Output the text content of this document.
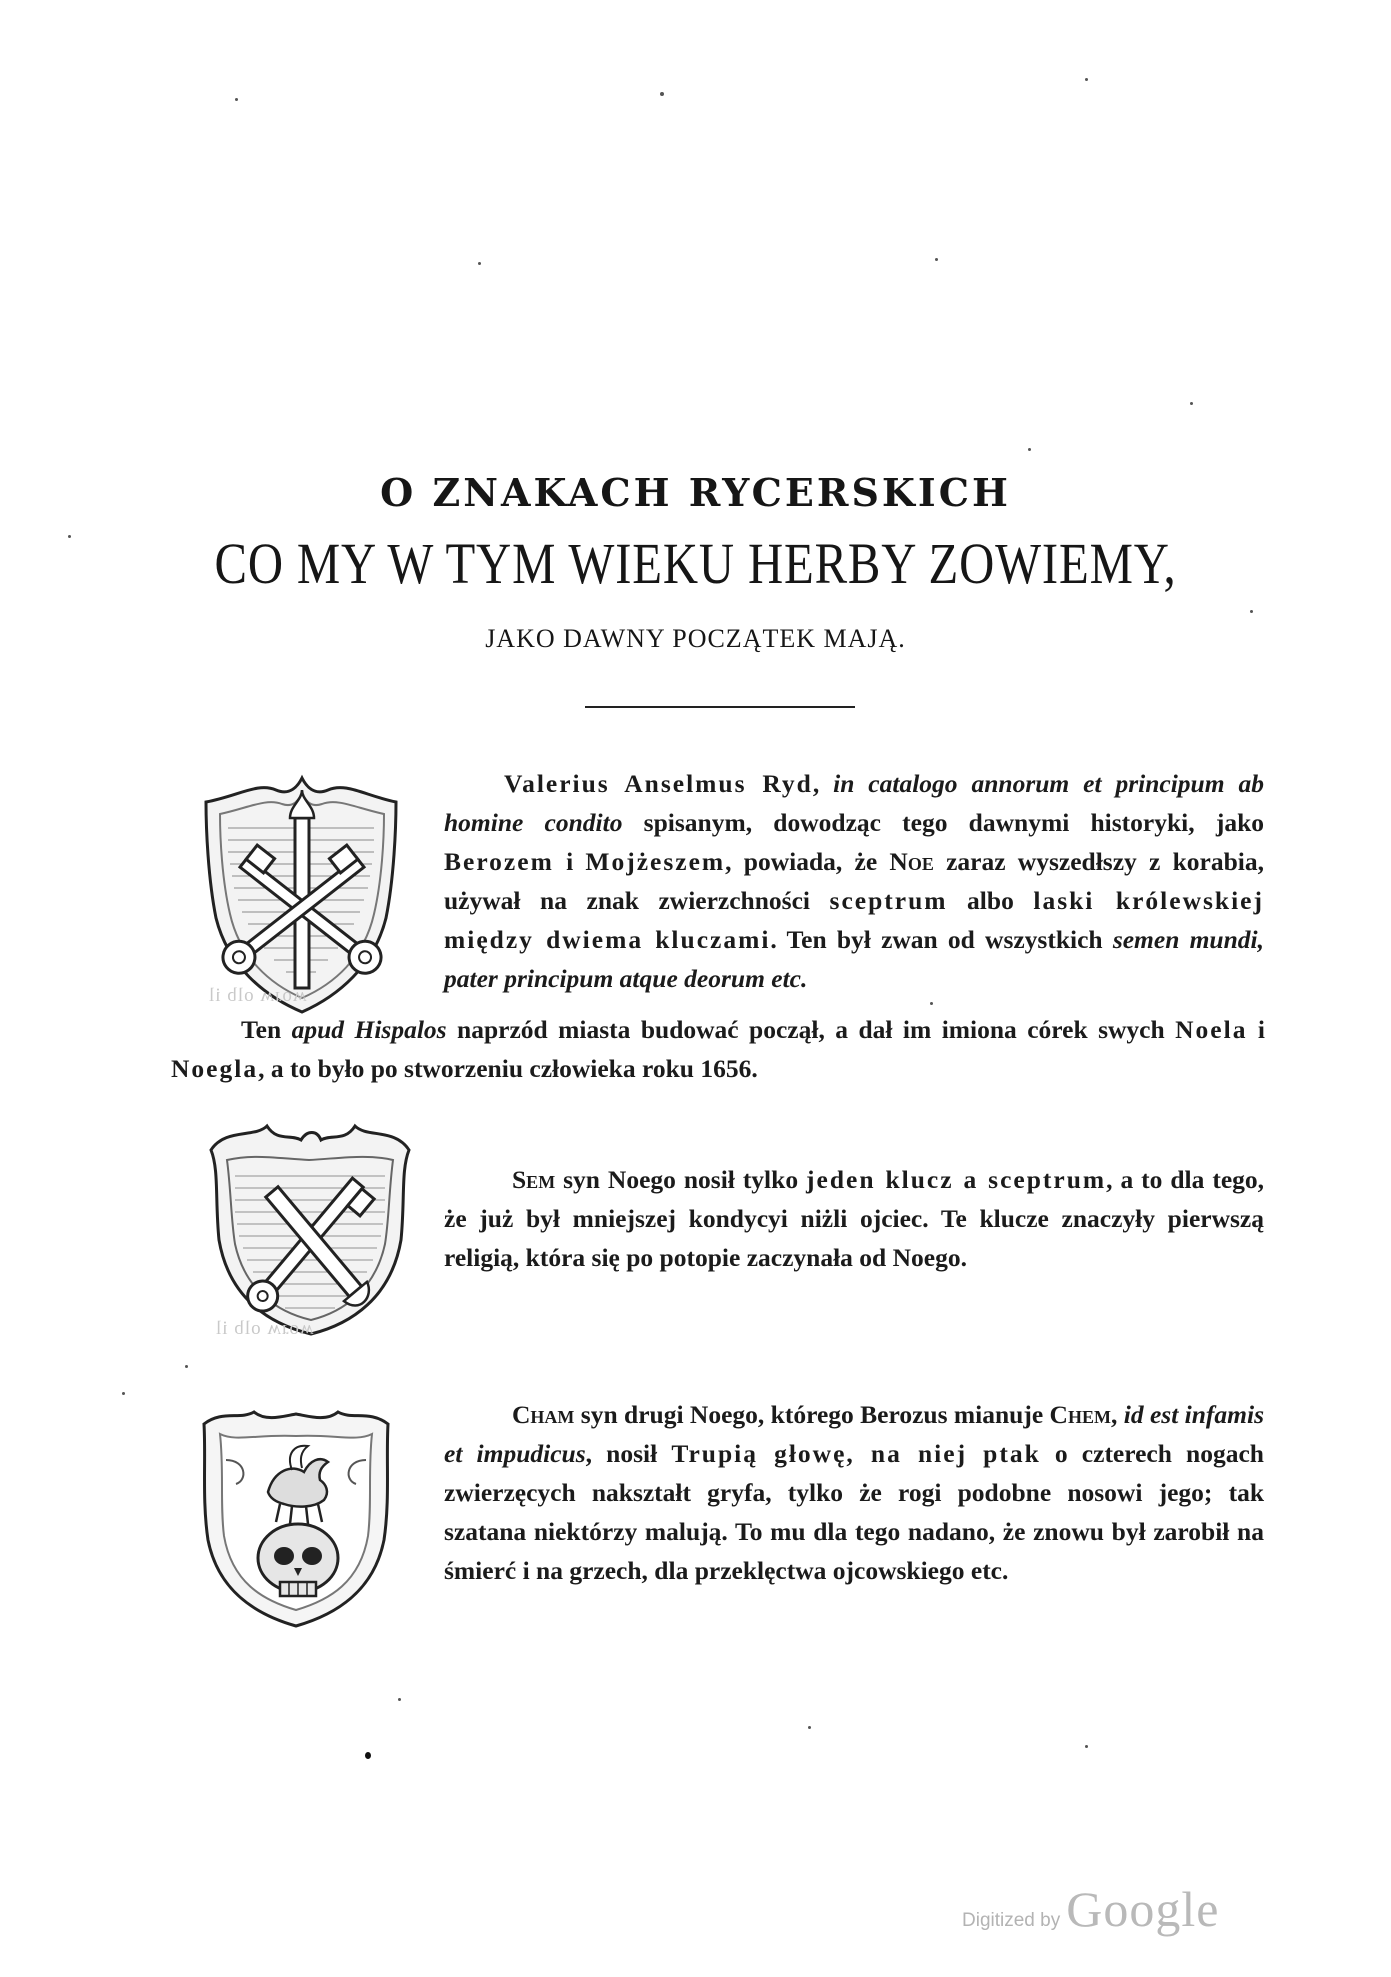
O ZNAKACH RYCERSKICH
CO MY W TYM WIEKU HERBY ZOWIEMY,
JAKO DAWNY POCZĄTEK MAJĄ.
ʍoɹʍ olb il
ʍoɹʍ olb il
Valerius Anselmus Ryd, in catalogo annorum et principum ab homine condito spisanym, dowodząc tego dawnymi historyki, jako Berozem i Mojżeszem, powiada, że Noe zaraz wyszedłszy z korabia, używał na znak zwierzchności sceptrum albo laski królewskiej między dwiema kluczami. Ten był zwan od wszystkich semen mundi, pater principum atque deorum etc.
Ten apud Hispalos naprzód miasta budować począł, a dał im imiona córek swych Noela i Noegla, a to było po stworzeniu człowieka roku 1656.
Sem syn Noego nosił tylko jeden klucz a sceptrum, a to dla tego, że już był mniejszej kondycyi niżli ojciec. Te klucze znaczyły pierwszą religią, która się po potopie zaczynała od Noego.
Cham syn drugi Noego, którego Berozus mianuje Chem, id est infamis et impudicus, nosił Trupią głowę, na niej ptak o czterech nogach zwierzęcych nakształt gryfa, tylko że rogi podobne nosowi jego; tak szatana niektórzy malują. To mu dla tego nadano, że znowu był zarobił na śmierć i na grzech, dla przeklęctwa ojcowskiego etc.
Digitized by Google
